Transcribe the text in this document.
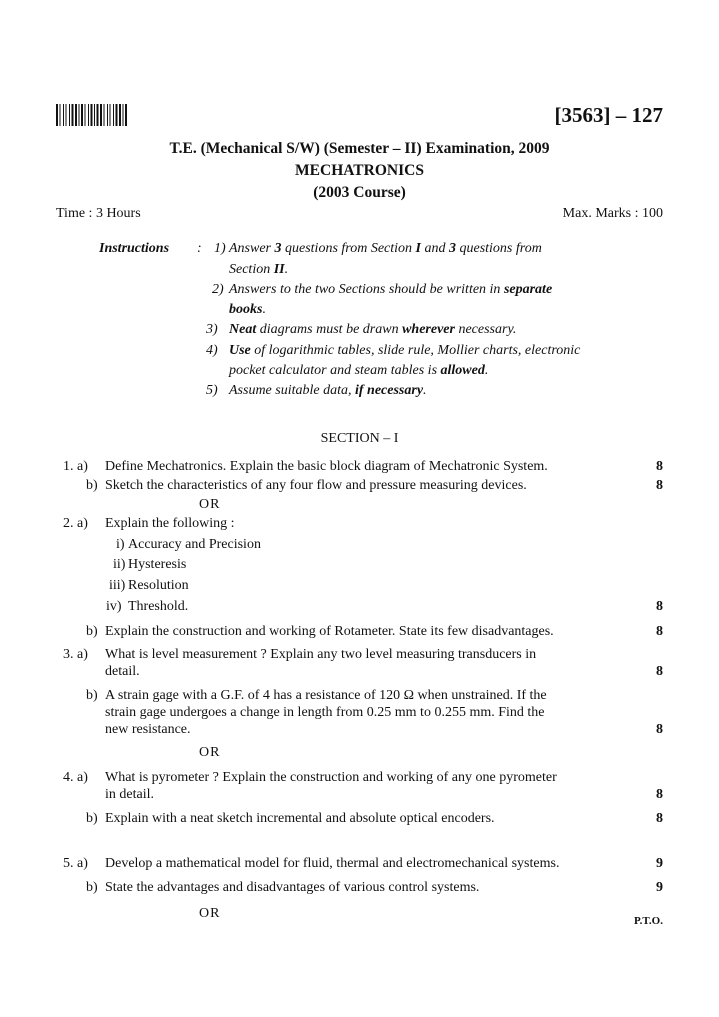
[3563] – 127
T.E. (Mechanical S/W) (Semester – II) Examination, 2009
MECHATRONICS
(2003 Course)
Time : 3 Hours	Max. Marks : 100
Instructions : 1) Answer 3 questions from Section I and 3 questions from
Section II.
2) Answers to the two Sections should be written in separate
books.
3) Neat diagrams must be drawn wherever necessary.
4) Use of logarithmic tables, slide rule, Mollier charts, electronic
pocket calculator and steam tables is allowed.
5) Assume suitable data, if necessary.
SECTION – I
1. a) Define Mechatronics. Explain the basic block diagram of Mechatronic System.	8
b) Sketch the characteristics of any four flow and pressure measuring devices.	8
OR
2. a) Explain the following :
i) Accuracy and Precision
ii) Hysteresis
iii) Resolution
iv) Threshold.	8
b) Explain the construction and working of Rotameter. State its few disadvantages.	8
3. a) What is level measurement ? Explain any two level measuring transducers in
detail.	8
b) A strain gage with a G.F. of 4 has a resistance of 120 Ω when unstrained. If the
strain gage undergoes a change in length from 0.25 mm to 0.255 mm. Find the
new resistance.	8
OR
4. a) What is pyrometer ? Explain the construction and working of any one pyrometer
in detail.	8
b) Explain with a neat sketch incremental and absolute optical encoders.	8
5. a) Develop a mathematical model for fluid, thermal and electromechanical systems.	9
b) State the advantages and disadvantages of various control systems.	9
OR	P.T.O.
